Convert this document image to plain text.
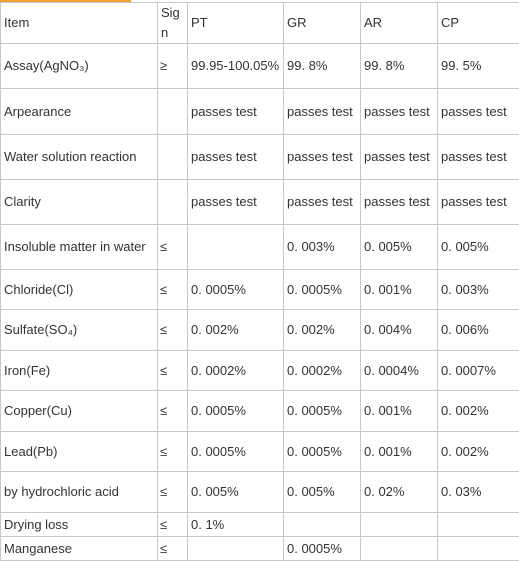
Item	Sign	PT	GR	AR	CP
Assay(AgNO₃)	≥	99.95-100.05%	99. 8%	99. 8%	99. 5%
Arpearance		passes test	passes test	passes test	passes test
Water solution reaction		passes test	passes test	passes test	passes test
Clarity		passes test	passes test	passes test	passes test
Insoluble matter in water	≤		0. 003%	0. 005%	0. 005%
Chloride(Cl)	≤	0. 0005%	0. 0005%	0. 001%	0. 003%
Sulfate(SO₄)	≤	0. 002%	0. 002%	0. 004%	0. 006%
Iron(Fe)	≤	0. 0002%	0. 0002%	0. 0004%	0. 0007%
Copper(Cu)	≤	0. 0005%	0. 0005%	0. 001%	0. 002%
Lead(Pb)	≤	0. 0005%	0. 0005%	0. 001%	0. 002%
by hydrochloric acid	≤	0. 005%	0. 005%	0. 02%	0. 03%
Drying loss	≤	0. 1%			
Manganese	≤		0. 0005%		
